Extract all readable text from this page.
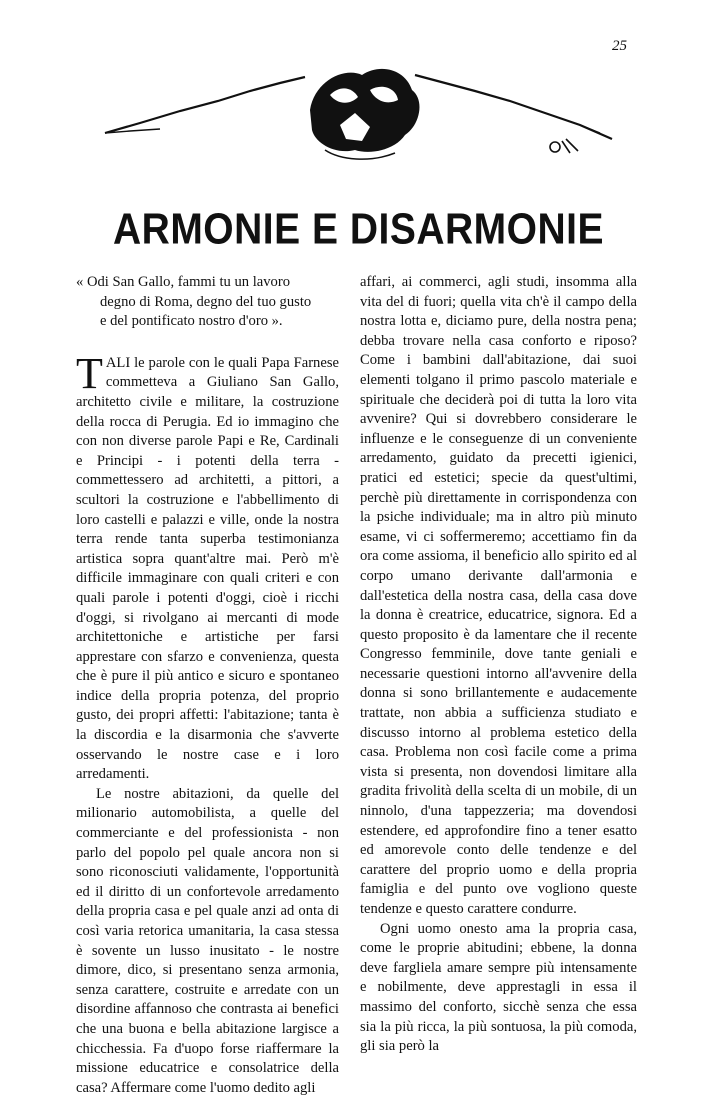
25
ARMONIE E DISARMONIE
« Odi San Gallo, fammi tu un lavoro
degno di Roma, degno del tuo gusto
e del pontificato nostro d'oro ».

TALI le parole con le quali Papa Farnese commetteva a Giuliano San Gallo, architetto civile e militare, la costruzione della rocca di Perugia. Ed io immagino che con non diverse parole Papi e Re, Cardinali e Principi - i potenti della terra - commettessero ad architetti, a pittori, a scultori la costruzione e l'abbellimento di loro castelli e palazzi e ville, onde la nostra terra rende tanta superba testimonianza artistica sopra quant'altre mai. Però m'è difficile immaginare con quali criteri e con quali parole i potenti d'oggi, cioè i ricchi d'oggi, si rivolgano ai mercanti di mode architettoniche e artistiche per farsi apprestare con sfarzo e convenienza, questa che è pure il più antico e sicuro e spontaneo indice della propria potenza, del proprio gusto, dei propri affetti: l'abitazione; tanta è la discordia e la disarmonia che s'avverte osservando le nostre case e i loro arredamenti.

Le nostre abitazioni, da quelle del milionario automobilista, a quelle del commerciante e del professionista - non parlo del popolo pel quale ancora non si sono riconosciuti validamente, l'opportunità ed il diritto di un confortevole arredamento della propria casa e pel quale anzi ad onta di così varia retorica umanitaria, la casa stessa è sovente un lusso inusitato - le nostre dimore, dico, si presentano senza armonia, senza carattere, costruite e arredate con un disordine affannoso che contrasta ai benefici che una buona e bella abitazione largisce a chicchessia. Fa d'uopo forse riaffermare la missione educatrice e consolatrice della casa? Affermare come l'uomo dedito agli

affari, ai commerci, agli studi, insomma alla vita del di fuori; quella vita ch'è il campo della nostra lotta e, diciamo pure, della nostra pena; debba trovare nella casa conforto e riposo? Come i bambini dall'abitazione, dai suoi elementi tolgano il primo pascolo materiale e spirituale che deciderà poi di tutta la loro vita avvenire? Qui si dovrebbero considerare le influenze e le conseguenze di un conveniente arredamento, guidato da precetti igienici, pratici ed estetici; specie da quest'ultimi, perchè più direttamente in corrispondenza con la psiche individuale; ma in altro più minuto esame, vi ci soffermeremo; accettiamo fin da ora come assioma, il beneficio allo spirito ed al corpo umano derivante dall'armonia e dall'estetica della nostra casa, della casa dove la donna è creatrice, educatrice, signora. Ed a questo proposito è da lamentare che il recente Congresso femminile, dove tante geniali e necessarie questioni intorno all'avvenire della donna si sono brillantemente e audacemente trattate, non abbia a sufficienza studiato e discusso intorno al problema estetico della casa. Problema non così facile come a prima vista si presenta, non dovendosi limitare alla gradita frivolità della scelta di un mobile, di un ninnolo, d'una tappezzeria; ma dovendosi estendere, ed approfondire fino a tener esatto ed amorevole conto delle tendenze e del carattere del proprio uomo e della propria famiglia e del punto ove vogliono queste tendenze e questo carattere condurre.

Ogni uomo onesto ama la propria casa, come le proprie abitudini; ebbene, la donna deve fargliela amare sempre più intensamente e nobilmente, deve apprestagli in essa il massimo del conforto, sicchè senza che essa sia la più ricca, la più sontuosa, la più comoda, gli sia però la
